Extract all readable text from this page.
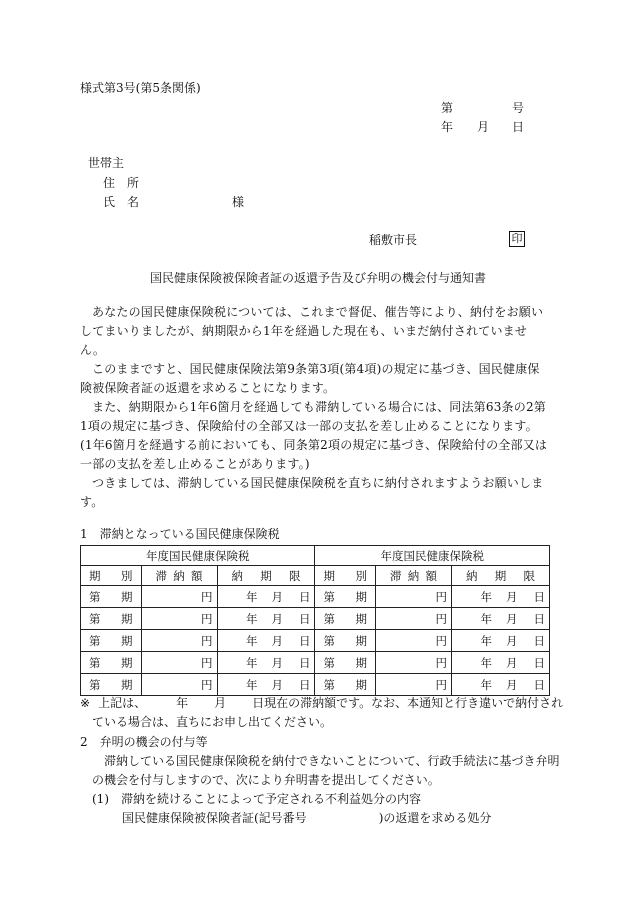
様式第3号(第5条関係)
第	号
年 月 日
世帯主
住　所
氏　名	様
稲敷市長	印
国民健康保険被保険者証の返還予告及び弁明の機会付与通知書

あなたの国民健康保険税については、これまで督促、催告等により、納付をお願いしてまいりましたが、納期限から1年を経過した現在も、いまだ納付されていません。

このままですと、国民健康保険法第9条第3項(第4項)の規定に基づき、国民健康保険被保険者証の返還を求めることになります。

また、納期限から1年6箇月を経過しても滞納している場合には、同法第63条の2第1項の規定に基づき、保険給付の全部又は一部の支払を差し止めることになります。(1年6箇月を経過する前においても、同条第2項の規定に基づき、保険給付の全部又は一部の支払を差し止めることがあります。)

つきましては、滞納している国民健康保険税を直ちに納付されますようお願いします。

1　滞納となっている国民健康保険税
年度国民健康保険税			年度国民健康保険税		

期 別	滞 納 額	納 期 限	期 別	滞 納 額	納 期 限

第 期	円	年 月 日	第 期	円	年 月 日

第 期	円	年 月 日	第 期	円	年 月 日

第 期	円	年 月 日	第 期	円	年 月 日

第 期	円	年 月 日	第 期	円	年 月 日

第 期	円	年 月 日	第 期	円	年 月 日
※ 上記は、	年 月 日現在の滞納額です。なお、本通知と行き違いで納付され
ている場合は、直ちにお申し出てください。
2　弁明の機会の付与等
滞納している国民健康保険税を納付できないことについて、行政手続法に基づき弁明
の機会を付与しますので、次により弁明書を提出してください。
(1)　滞納を続けることによって予定される不利益処分の内容
国民健康保険被保険者証(記号番号	)の返還を求める処分
